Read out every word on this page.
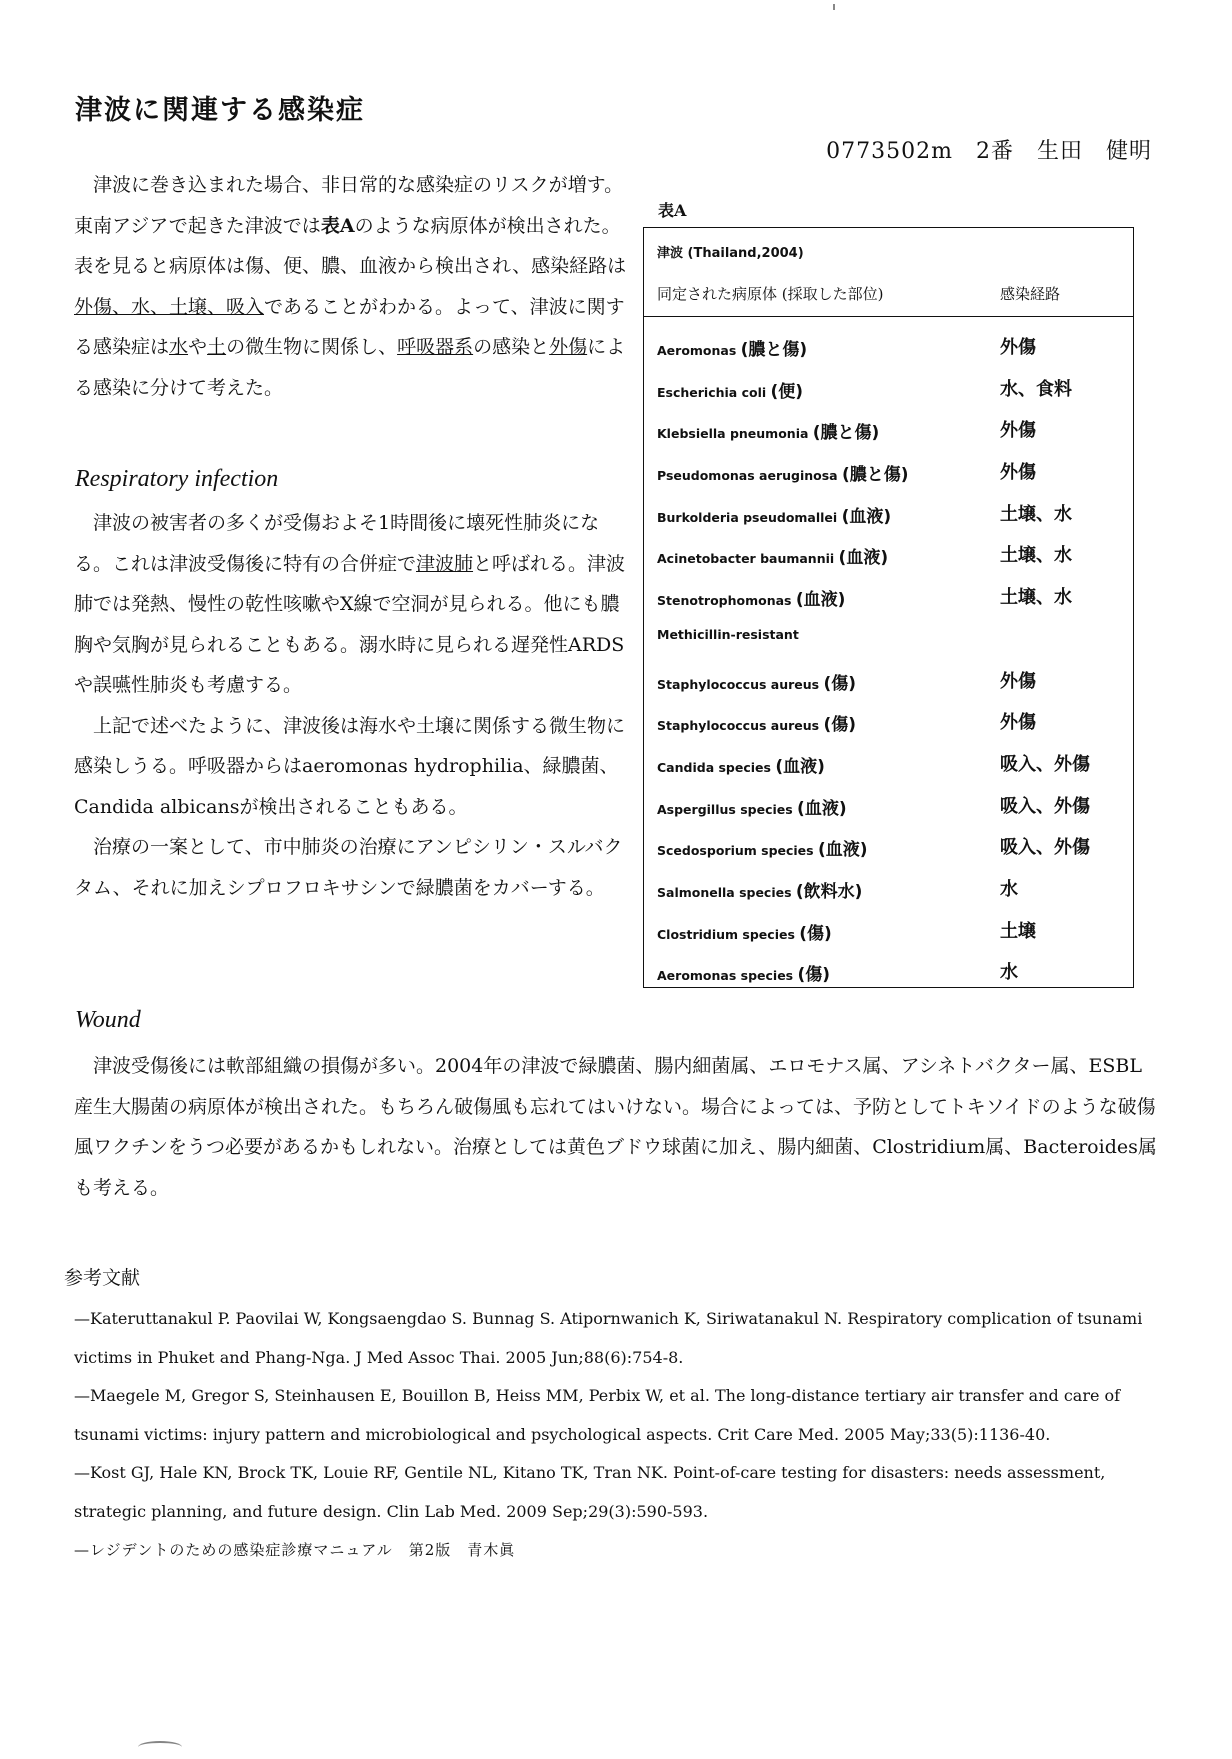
津波に関連する感染症
0773502m　2番　生田　健明

津波に巻き込まれた場合、非日常的な感染症のリスクが増す。東南アジアで起きた津波では表Aのような病原体が検出された。表を見ると病原体は傷、便、膿、血液から検出され、感染経路は外傷、水、土壌、吸入であることがわかる。よって、津波に関する感染症は水や土の微生物に関係し、呼吸器系の感染と外傷による感染に分けて考えた。

Respiratory infection

津波の被害者の多くが受傷およそ1時間後に壊死性肺炎になる。これは津波受傷後に特有の合併症で津波肺と呼ばれる。津波肺では発熱、慢性の乾性咳嗽やX線で空洞が見られる。他にも膿胸や気胸が見られることもある。溺水時に見られる遅発性ARDSや誤嚥性肺炎も考慮する。

上記で述べたように、津波後は海水や土壌に関係する微生物に感染しうる。呼吸器からはaeromonas hydrophilia、緑膿菌、Candida albicansが検出されることもある。

治療の一案として、市中肺炎の治療にアンピシリン・スルバクタム、それに加えシプロフロキサシンで緑膿菌をカバーする。

表A
津波 (Thailand,2004)
同定された病原体 (採取した部位)	感染経路
Aeromonas (膿と傷)	外傷
Escherichia coli (便)	水、食料
Klebsiella pneumonia (膿と傷)	外傷
Pseudomonas aeruginosa (膿と傷)	外傷
Burkolderia pseudomallei (血液)	土壌、水
Acinetobacter baumannii (血液)	土壌、水
Stenotrophomonas (血液)	土壌、水
Methicillin-resistant
Staphylococcus aureus (傷)	外傷
Staphylococcus aureus (傷)	外傷
Candida species (血液)	吸入、外傷
Aspergillus species (血液)	吸入、外傷
Scedosporium species (血液)	吸入、外傷
Salmonella species (飲料水)	水
Clostridium species (傷)	土壌
Aeromonas species (傷)	水
Wound

津波受傷後には軟部組織の損傷が多い。2004年の津波で緑膿菌、腸内細菌属、エロモナス属、アシネトバクター属、ESBL産生大腸菌の病原体が検出された。もちろん破傷風も忘れてはいけない。場合によっては、予防としてトキソイドのような破傷風ワクチンをうつ必要があるかもしれない。治療としては黄色ブドウ球菌に加え、腸内細菌、Clostridium属、Bacteroides属も考える。

参考文献

—Kateruttanakul P. Paovilai W, Kongsaengdao S. Bunnag S. Atipornwanich K, Siriwatanakul N. Respiratory complication of tsunami victims in Phuket and Phang-Nga. J Med Assoc Thai. 2005 Jun;88(6):754-8.

—Maegele M, Gregor S, Steinhausen E, Bouillon B, Heiss MM, Perbix W, et al. The long-distance tertiary air transfer and care of tsunami victims: injury pattern and microbiological and psychological aspects. Crit Care Med. 2005 May;33(5):1136-40.

—Kost GJ, Hale KN, Brock TK, Louie RF, Gentile NL, Kitano TK, Tran NK. Point-of-care testing for disasters: needs assessment, strategic planning, and future design. Clin Lab Med. 2009 Sep;29(3):590-593.

—レジデントのための感染症診療マニュアル　第2版　青木眞
